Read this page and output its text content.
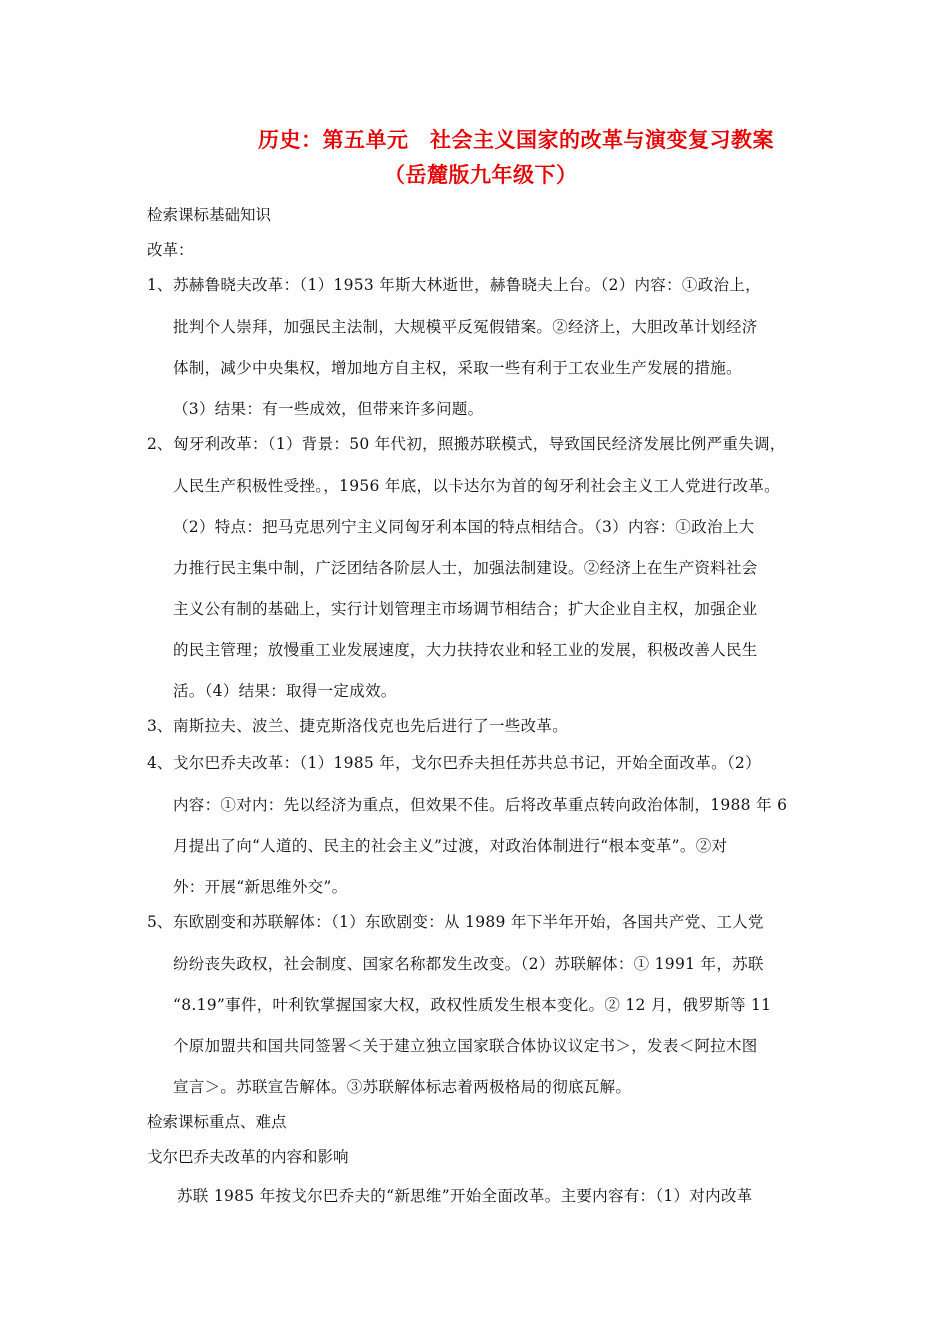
历史：第五单元　社会主义国家的改革与演变复习教案
（岳麓版九年级下）
检索课标基础知识
改革：
1、 苏赫鲁晓夫改革：（1）1953 年斯大林逝世，赫鲁晓夫上台。（2）内容：①政治上，
批判个人崇拜，加强民主法制，大规模平反冤假错案。②经济上，大胆改革计划经济
体制，减少中央集权，增加地方自主权，采取一些有利于工农业生产发展的措施。
（3）结果：有一些成效，但带来许多问题。
2、 匈牙利改革：（1）背景：50 年代初，照搬苏联模式，导致国民经济发展比例严重失调，
人民生产积极性受挫。，1956 年底，以卡达尔为首的匈牙利社会主义工人党进行改革。
（2）特点：把马克思列宁主义同匈牙利本国的特点相结合。（3）内容：①政治上大
力推行民主集中制，广泛团结各阶层人士，加强法制建设。②经济上在生产资料社会
主义公有制的基础上，实行计划管理主市场调节相结合；扩大企业自主权，加强企业
的民主管理；放慢重工业发展速度，大力扶持农业和轻工业的发展，积极改善人民生
活。（4）结果：取得一定成效。
3、 南斯拉夫、波兰、捷克斯洛伐克也先后进行了一些改革。
4、 戈尔巴乔夫改革：（1）1985 年，戈尔巴乔夫担任苏共总书记，开始全面改革。（2）
内容：①对内：先以经济为重点，但效果不佳。后将改革重点转向政治体制，1988 年 6
月提出了向“人道的、民主的社会主义”过渡，对政治体制进行“根本变革”。②对
外：开展“新思维外交”。
5、 东欧剧变和苏联解体：（1）东欧剧变：从 1989 年下半年开始，各国共产党、工人党
纷纷丧失政权，社会制度、国家名称都发生改变。（2）苏联解体：① 1991 年，苏联
“8.19”事件，叶利钦掌握国家大权，政权性质发生根本变化。② 12 月，俄罗斯等 11
个原加盟共和国共同签署＜关于建立独立国家联合体协议议定书＞，发表＜阿拉木图
宣言＞。苏联宣告解体。③苏联解体标志着两极格局的彻底瓦解。
检索课标重点、难点
戈尔巴乔夫改革的内容和影响
苏联 1985 年按戈尔巴乔夫的“新思维”开始全面改革。主要内容有：（1）对内改革
